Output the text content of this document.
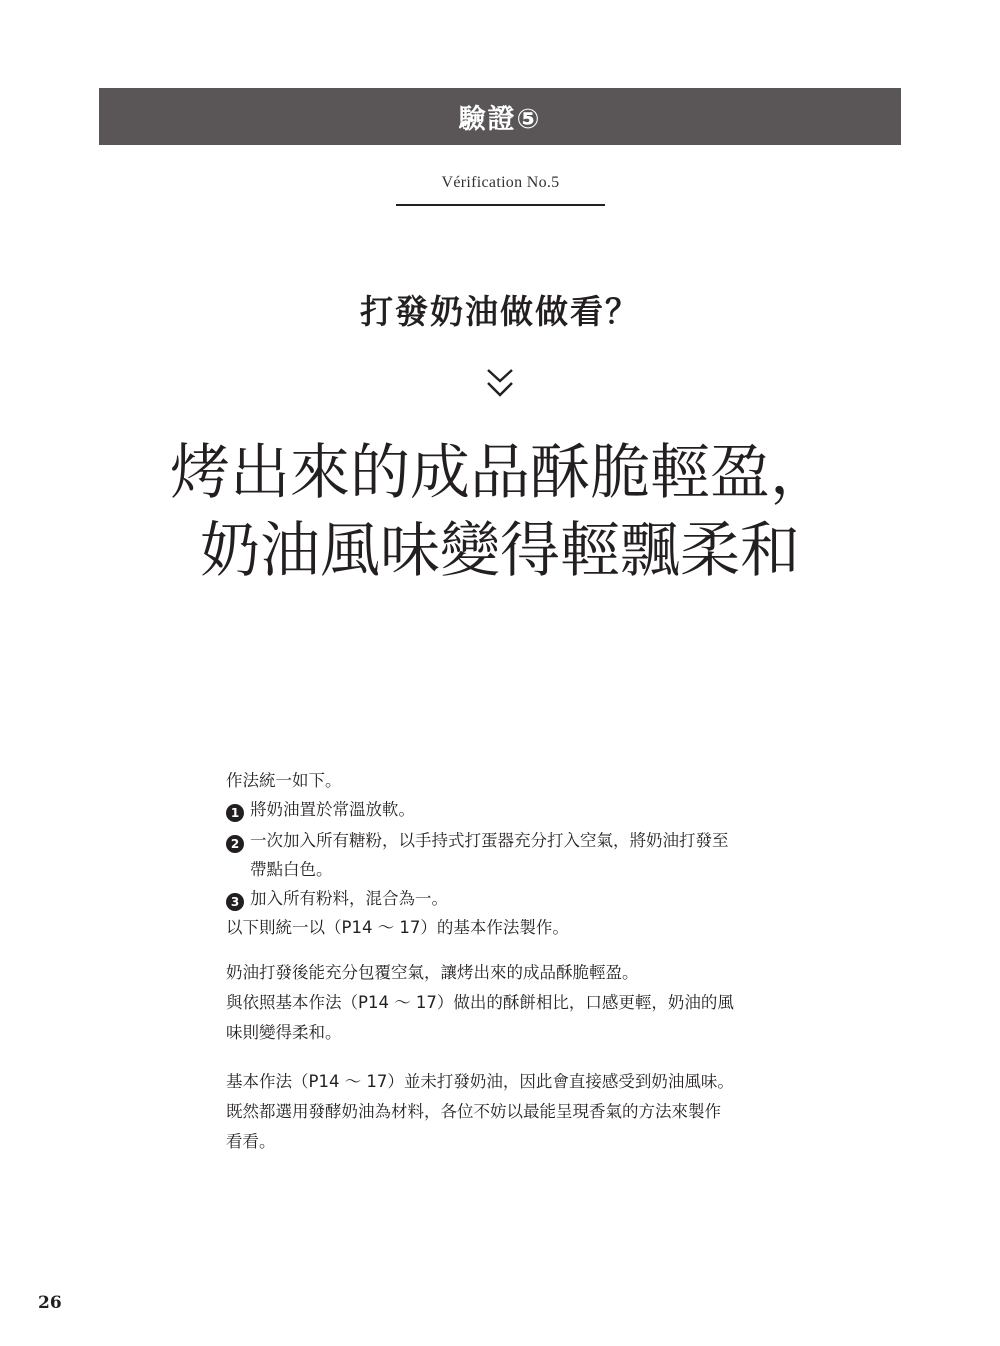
驗證⑤
Vérification No.5
打發奶油做做看？
烤出來的成品酥脆輕盈，
奶油風味變得輕飄柔和
作法統一如下。
1 將奶油置於常溫放軟。
2 一次加入所有糖粉，以手持式打蛋器充分打入空氣，將奶油打發至
帶點白色。
3 加入所有粉料，混合為一。
以下則統一以（P14 ～ 17）的基本作法製作。
奶油打發後能充分包覆空氣，讓烤出來的成品酥脆輕盈。
與依照基本作法（P14 ～ 17）做出的酥餅相比，口感更輕，奶油的風
味則變得柔和。
基本作法（P14 ～ 17）並未打發奶油，因此會直接感受到奶油風味。
既然都選用發酵奶油為材料，各位不妨以最能呈現香氣的方法來製作
看看。
26
